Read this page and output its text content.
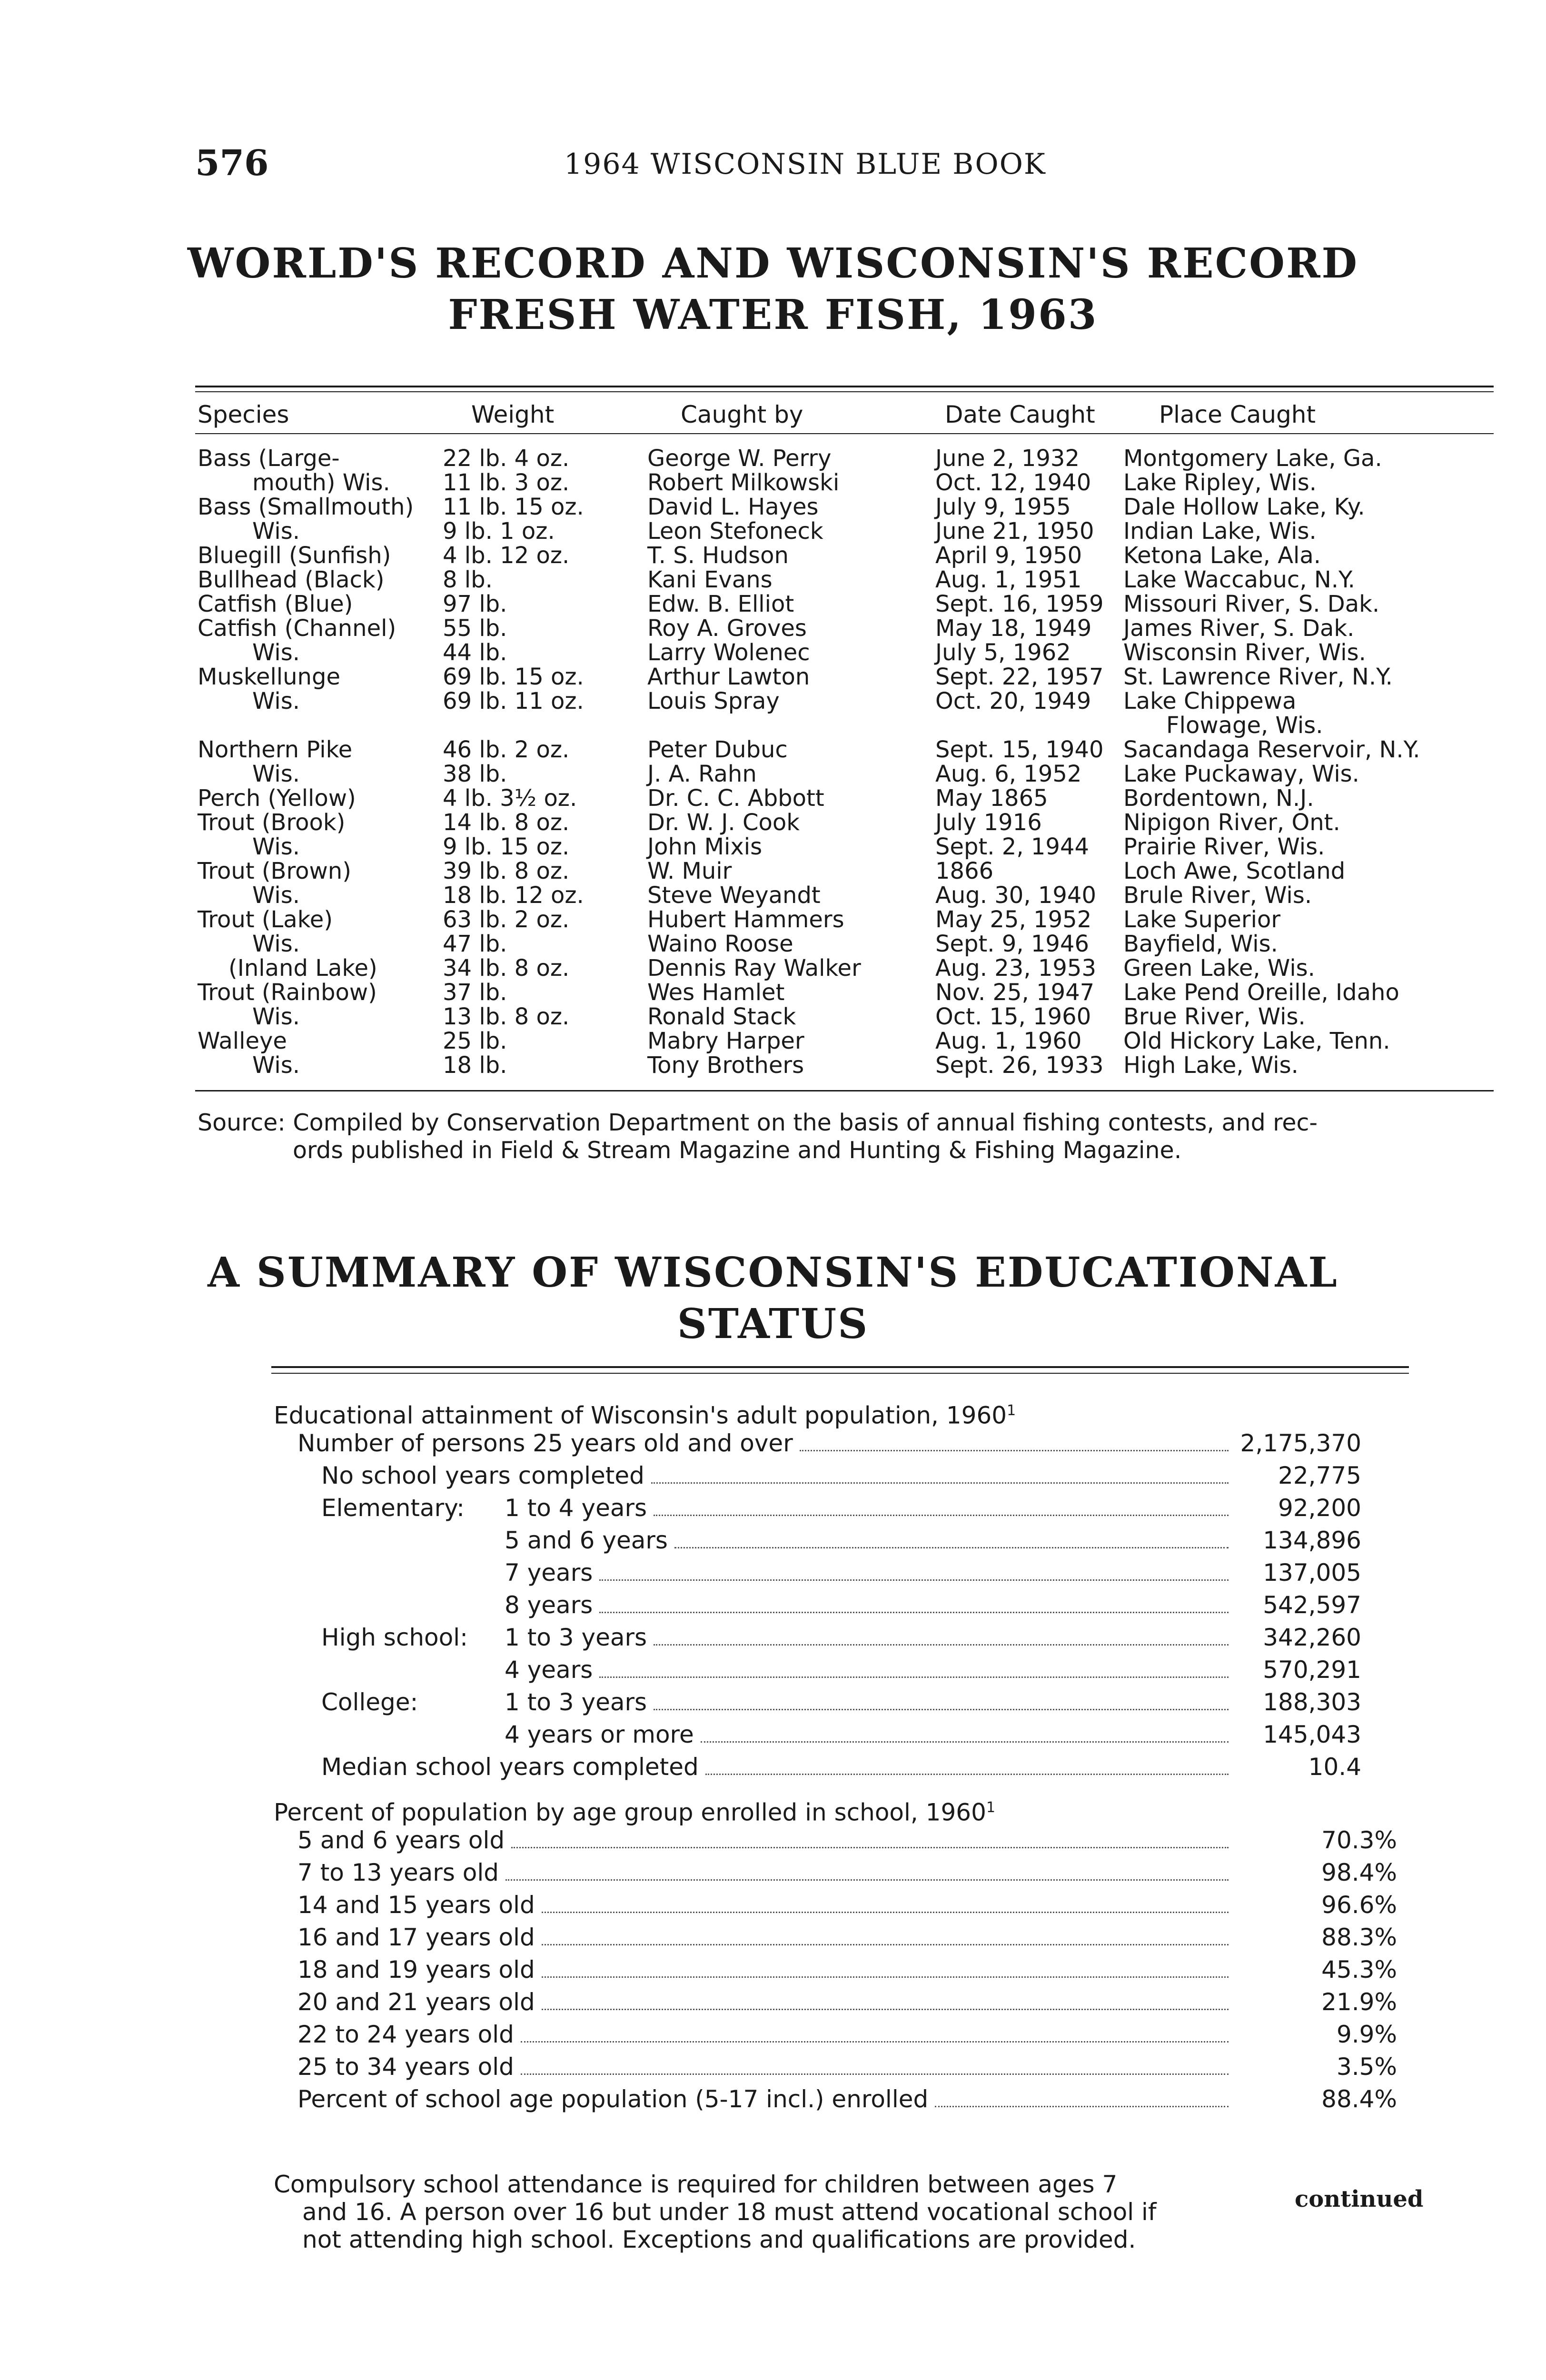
576	1964 WISCONSIN BLUE BOOK
WORLD'S RECORD AND WISCONSIN'S RECORD
FRESH WATER FISH, 1963
Species	Weight	Caught by	Date Caught	Place Caught
Bass (Large-	22 lb. 4 oz.	George W. Perry	June 2, 1932 Montgomery Lake, Ga.
mouth) Wis. 11 lb. 3 oz.	Robert Milkowski	Oct. 12, 1940 Lake Ripley, Wis.
Bass (Smallmouth) 11 lb. 15 oz.	David L. Hayes	July 9, 1955 Dale Hollow Lake, Ky.
Wis.	9 lb. 1 oz.	Leon Stefoneck	June 21, 1950 Indian Lake, Wis.
Bluegill (Sunfish) 4 lb. 12 oz.	T. S. Hudson	April 9, 1950 Ketona Lake, Ala.
Bullhead (Black)	8 lb.	Kani Evans	Aug. 1, 1951 Lake Waccabuc, N.Y.
Catfish (Blue)	97 lb.	Edw. B. Elliot	Sept. 16, 1959 Missouri River, S. Dak.
Catfish (Channel) 55 lb.	Roy A. Groves	May 18, 1949 James River, S. Dak.
Wis.	44 lb.	Larry Wolenec	July 5, 1962 Wisconsin River, Wis.
Muskellunge	69 lb. 15 oz.	Arthur Lawton	Sept. 22, 1957 St. Lawrence River, N.Y.
Wis.	69 lb. 11 oz.	Louis Spray	Oct. 20, 1949 Lake Chippewa
Flowage, Wis.
Northern Pike	46 lb. 2 oz.	Peter Dubuc	Sept. 15, 1940 Sacandaga Reservoir, N.Y.
Wis.	38 lb.	J. A. Rahn	Aug. 6, 1952 Lake Puckaway, Wis.
Perch (Yellow)	4 lb. 3½ oz.	Dr. C. C. Abbott	May 1865	Bordentown, N.J.
Trout (Brook)	14 lb. 8 oz.	Dr. W. J. Cook	July 1916	Nipigon River, Ont.
Wis.	9 lb. 15 oz.	John Mixis	Sept. 2, 1944 Prairie River, Wis.
Trout (Brown)	39 lb. 8 oz.	W. Muir	1866	Loch Awe, Scotland
Wis.	18 lb. 12 oz.	Steve Weyandt	Aug. 30, 1940 Brule River, Wis.
Trout (Lake)	63 lb. 2 oz.	Hubert Hammers	May 25, 1952 Lake Superior
Wis.	47 lb.	Waino Roose	Sept. 9, 1946 Bayfield, Wis.
(Inland Lake)	34 lb. 8 oz.	Dennis Ray Walker	Aug. 23, 1953 Green Lake, Wis.
Trout (Rainbow)	37 lb.	Wes Hamlet	Nov. 25, 1947 Lake Pend Oreille, Idaho
Wis.	13 lb. 8 oz.	Ronald Stack	Oct. 15, 1960 Brue River, Wis.
Walleye	25 lb.	Mabry Harper	Aug. 1, 1960 Old Hickory Lake, Tenn.
Wis.	18 lb.	Tony Brothers	Sept. 26, 1933 High Lake, Wis.
Source: Compiled by Conservation Department on the basis of annual fishing contests, and rec-
ords published in Field & Stream Magazine and Hunting & Fishing Magazine.
A SUMMARY OF WISCONSIN'S EDUCATIONAL
STATUS
Educational attainment of Wisconsin's adult population, 1960$^1$
Number of persons 25 years old and over	2,175,370
No school years completed	22,775
Elementary: 1 to 4 years	92,200
5 and 6 years	134,896
7 years	137,005
8 years	542,597
High school: 1 to 3 years	342,260
4 years	570,291
College:	1 to 3 years	188,303
4 years or more	145,043
Median school years completed	10.4
Percent of population by age group enrolled in school, 1960$^1$
5 and 6 years old	70.3%
7 to 13 years old	98.4%
14 and 15 years old	96.6%
16 and 17 years old	88.3%
18 and 19 years old	45.3%
20 and 21 years old	21.9%
22 to 24 years old	9.9%
25 to 34 years old	3.5%
Percent of school age population (5-17 incl.) enrolled	88.4%
Compulsory school attendance is required for children between ages 7
and 16. A person over 16 but under 18 must attend vocational school if
not attending high school. Exceptions and qualifications are provided.
continued
